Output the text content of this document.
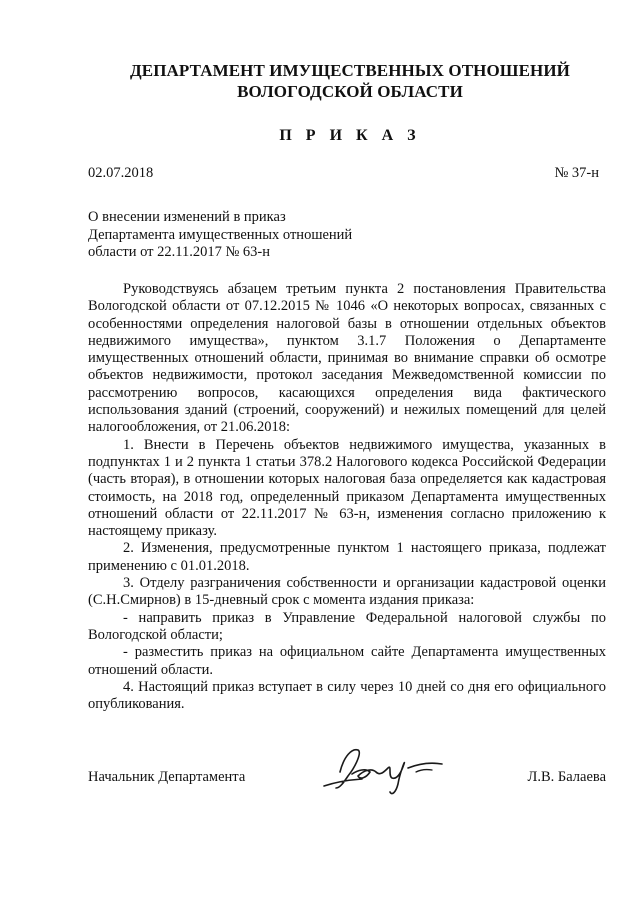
ДЕПАРТАМЕНТ ИМУЩЕСТВЕННЫХ ОТНОШЕНИЙ
ВОЛОГОДСКОЙ ОБЛАСТИ
П Р И К А З
02.07.2018	№ 37-н
О внесении изменений в приказ
Департамента имущественных отношений
области от 22.11.2017 № 63-н

Руководствуясь абзацем третьим пункта 2 постановления Правительства Вологодской области от 07.12.2015 № 1046 «О некоторых вопросах, связанных с особенностями определения налоговой базы в отношении отдельных объектов недвижимого имущества», пунктом 3.1.7 Положения о Департаменте имущественных отношений области, принимая во внимание справки об осмотре объектов недвижимости, протокол заседания Межведомственной комиссии по рассмотрению вопросов, касающихся определения вида фактического использования зданий (строений, сооружений) и нежилых помещений для целей налогообложения, от 21.06.2018:

1. Внести в Перечень объектов недвижимого имущества, указанных в подпунктах 1 и 2 пункта 1 статьи 378.2 Налогового кодекса Российской Федерации (часть вторая), в отношении которых налоговая база определяется как кадастровая стоимость, на 2018 год, определенный приказом Департамента имущественных отношений области от 22.11.2017 № 63-н, изменения согласно приложению к настоящему приказу.

2. Изменения, предусмотренные пунктом 1 настоящего приказа, подлежат применению с 01.01.2018.

3. Отделу разграничения собственности и организации кадастровой оценки (С.Н.Смирнов) в 15-дневный срок с момента издания приказа:

- направить приказ в Управление Федеральной налоговой службы по Вологодской области;

- разместить приказ на официальном сайте Департамента имущественных отношений области.

4. Настоящий приказ вступает в силу через 10 дней со дня его официального опубликования.

Начальник Департамента	Л.В. Балаева
